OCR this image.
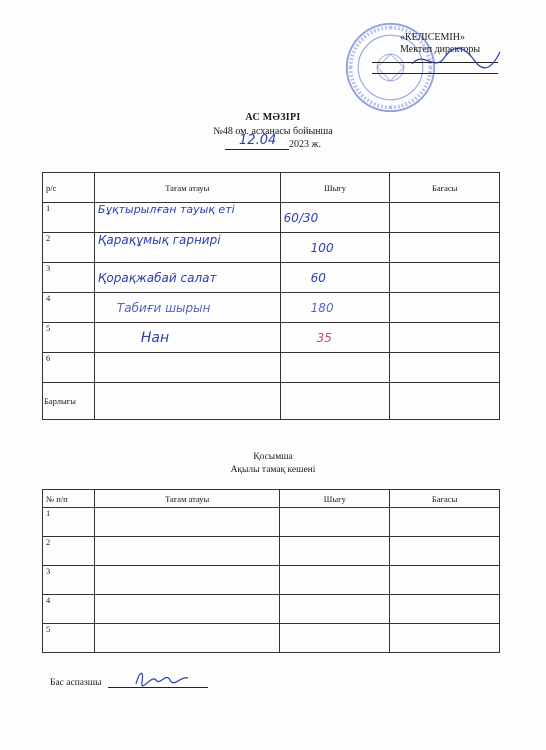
«КЕЛІСЕМІН»
Мектеп директоры
АС МӘЗІРІ
№48 ом. асханасы бойынша
12.04 2023 ж.
р/с	Тағам атауы	Шығу	Бағасы
1	Бұқтырылған тауық еті	60/30	
2	Қарақұмық гарнирі	100	
3	Қорақжабай салат	60	
4	Табиғи шырын	180	
5	Нан	35	
6			
Барлығы			
Қосымша
Ақылы тамақ кешені
№ п/п	Тағам атауы	Шығу	Бағасы
1			
2			
3			
4			
5			
Бас аспазшы
